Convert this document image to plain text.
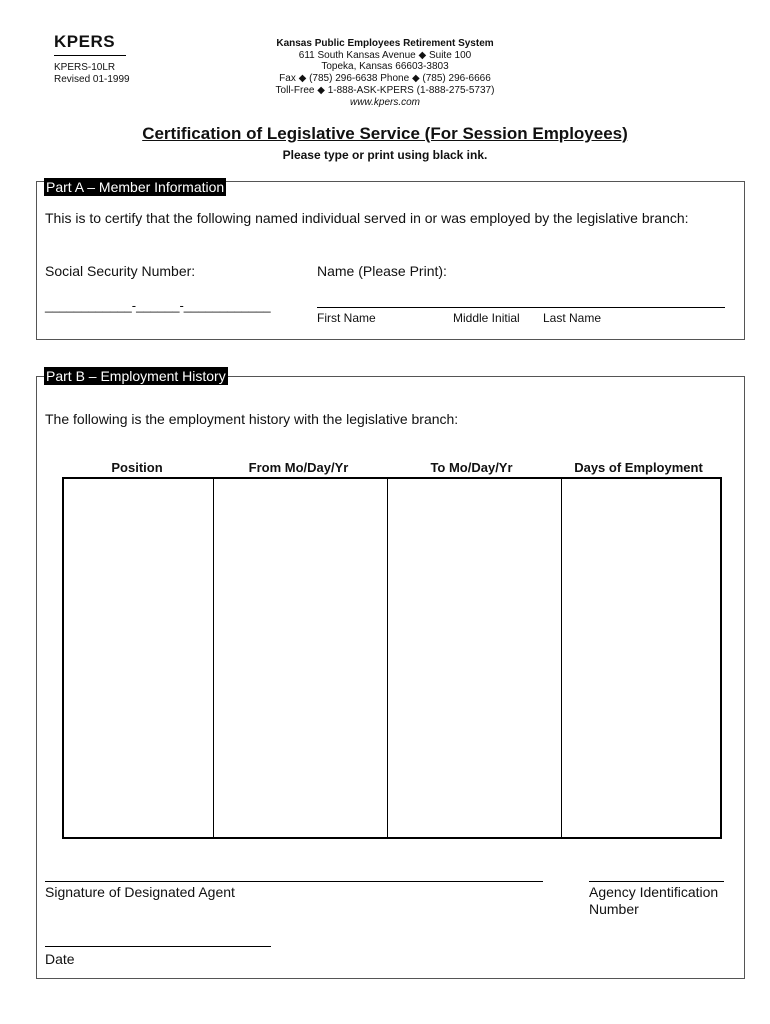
KPERS
KPERS-10LR
Revised 01-1999
Kansas Public Employees Retirement System
611 South Kansas Avenue ◆ Suite 100
Topeka, Kansas 66603-3803
Fax ◆ (785) 296-6638 Phone ◆ (785) 296-6666
Toll-Free ◆ 1-888-ASK-KPERS (1-888-275-5737)
www.kpers.com
Certification of Legislative Service (For Session Employees)
Please type or print using black ink.
Part A – Member Information
This is to certify that the following named individual served in or was employed by the legislative branch:
Social Security Number:	Name (Please Print):
____________-______-____________
First Name	Middle Initial Last Name
Part B – Employment History
The following is the employment history with the legislative branch:
Position	From Mo/Day/Yr	To Mo/Day/Yr	Days of Employment
Signature of Designated Agent	Agency Identification Number
Date
